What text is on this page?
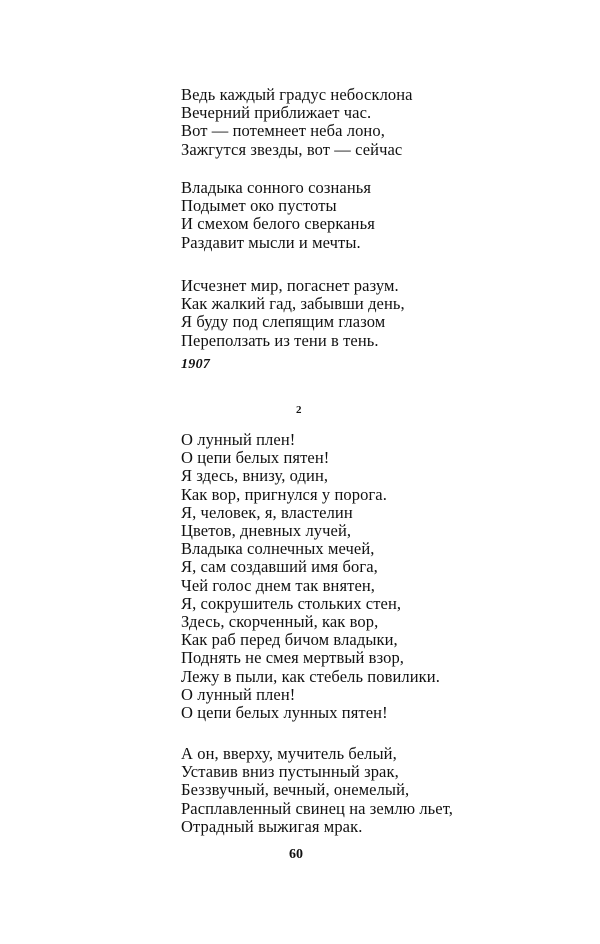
Ведь каждый градус небосклона
Вечерний приближает час.
Вот — потемнеет неба лоно,
Зажгутся звезды, вот — сейчас
Владыка сонного сознанья
Подымет око пустоты
И смехом белого сверканья
Раздавит мысли и мечты.
Исчезнет мир, погаснет разум.
Как жалкий гад, забывши день,
Я буду под слепящим глазом
Переползать из тени в тень.
1907
2
О лунный плен!
О цепи белых пятен!
Я здесь, внизу, один,
Как вор, пригнулся у порога.
Я, человек, я, властелин
Цветов, дневных лучей,
Владыка солнечных мечей,
Я, сам создавший имя бога,
Чей голос днем так внятен,
Я, сокрушитель стольких стен,
Здесь, скорченный, как вор,
Как раб перед бичом владыки,
Поднять не смея мертвый взор,
Лежу в пыли, как стебель повилики.
О лунный плен!
О цепи белых лунных пятен!
А он, вверху, мучитель белый,
Уставив вниз пустынный зрак,
Беззвучный, вечный, онемелый,
Расплавленный свинец на землю льет,
Отрадный выжигая мрак.
60
